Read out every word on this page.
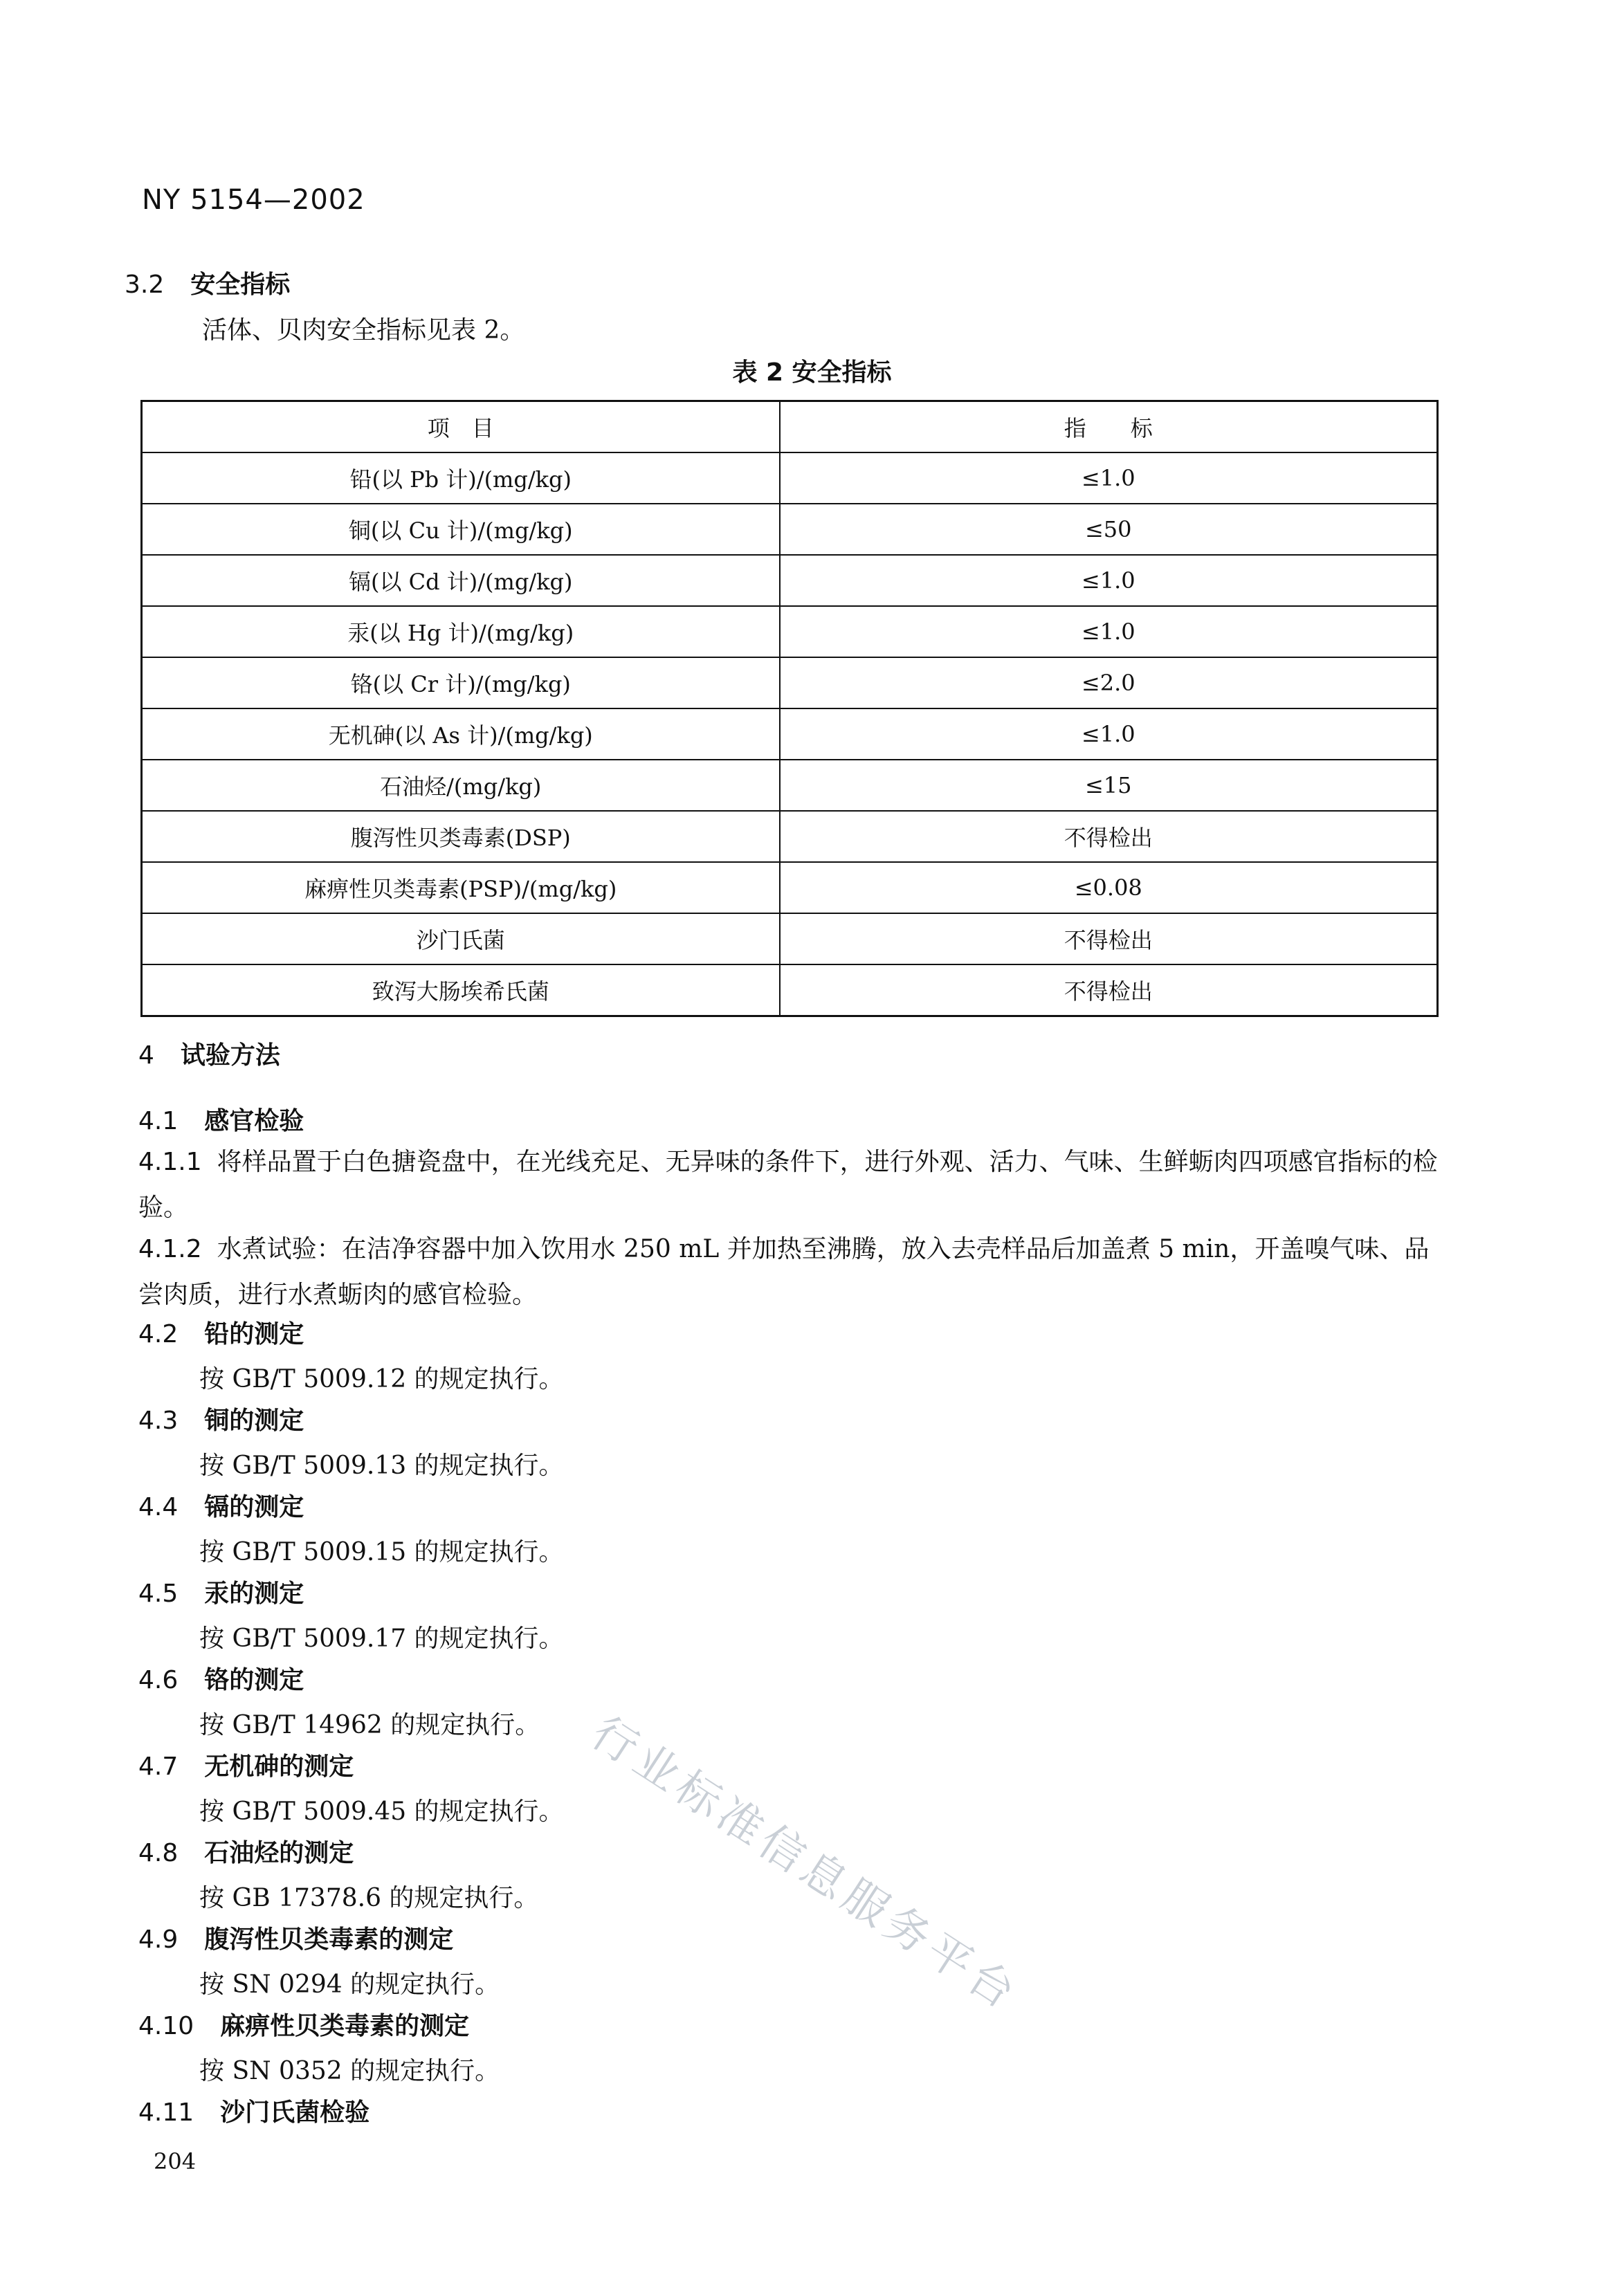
NY 5154—2002
3.2 安全指标
活体、贝肉安全指标见表 2。
表 2 安全指标
项　目	指　　标
铅(以 Pb 计)/(mg/kg)	≤1.0
铜(以 Cu 计)/(mg/kg)	≤50
镉(以 Cd 计)/(mg/kg)	≤1.0
汞(以 Hg 计)/(mg/kg)	≤1.0
铬(以 Cr 计)/(mg/kg)	≤2.0
无机砷(以 As 计)/(mg/kg)	≤1.0
石油烃/(mg/kg)	≤15
腹泻性贝类毒素(DSP)	不得检出
麻痹性贝类毒素(PSP)/(mg/kg)	≤0.08
沙门氏菌	不得检出
致泻大肠埃希氏菌	不得检出
4 试验方法
4.1 感官检验
4.1.1 将样品置于白色搪瓷盘中，在光线充足、无异味的条件下，进行外观、活力、气味、生鲜蛎肉四项感官指标的检验。
4.1.2 水煮试验：在洁净容器中加入饮用水 250 mL 并加热至沸腾，放入去壳样品后加盖煮 5 min，开盖嗅气味、品尝肉质，进行水煮蛎肉的感官检验。
4.2 铅的测定
按 GB/T 5009.12 的规定执行。
4.3 铜的测定
按 GB/T 5009.13 的规定执行。
4.4 镉的测定
按 GB/T 5009.15 的规定执行。
4.5 汞的测定
按 GB/T 5009.17 的规定执行。
4.6 铬的测定
按 GB/T 14962 的规定执行。
4.7 无机砷的测定
按 GB/T 5009.45 的规定执行。
4.8 石油烃的测定
按 GB 17378.6 的规定执行。
4.9 腹泻性贝类毒素的测定
按 SN 0294 的规定执行。
4.10 麻痹性贝类毒素的测定
按 SN 0352 的规定执行。
4.11 沙门氏菌检验
204
行业标准信息服务平台
